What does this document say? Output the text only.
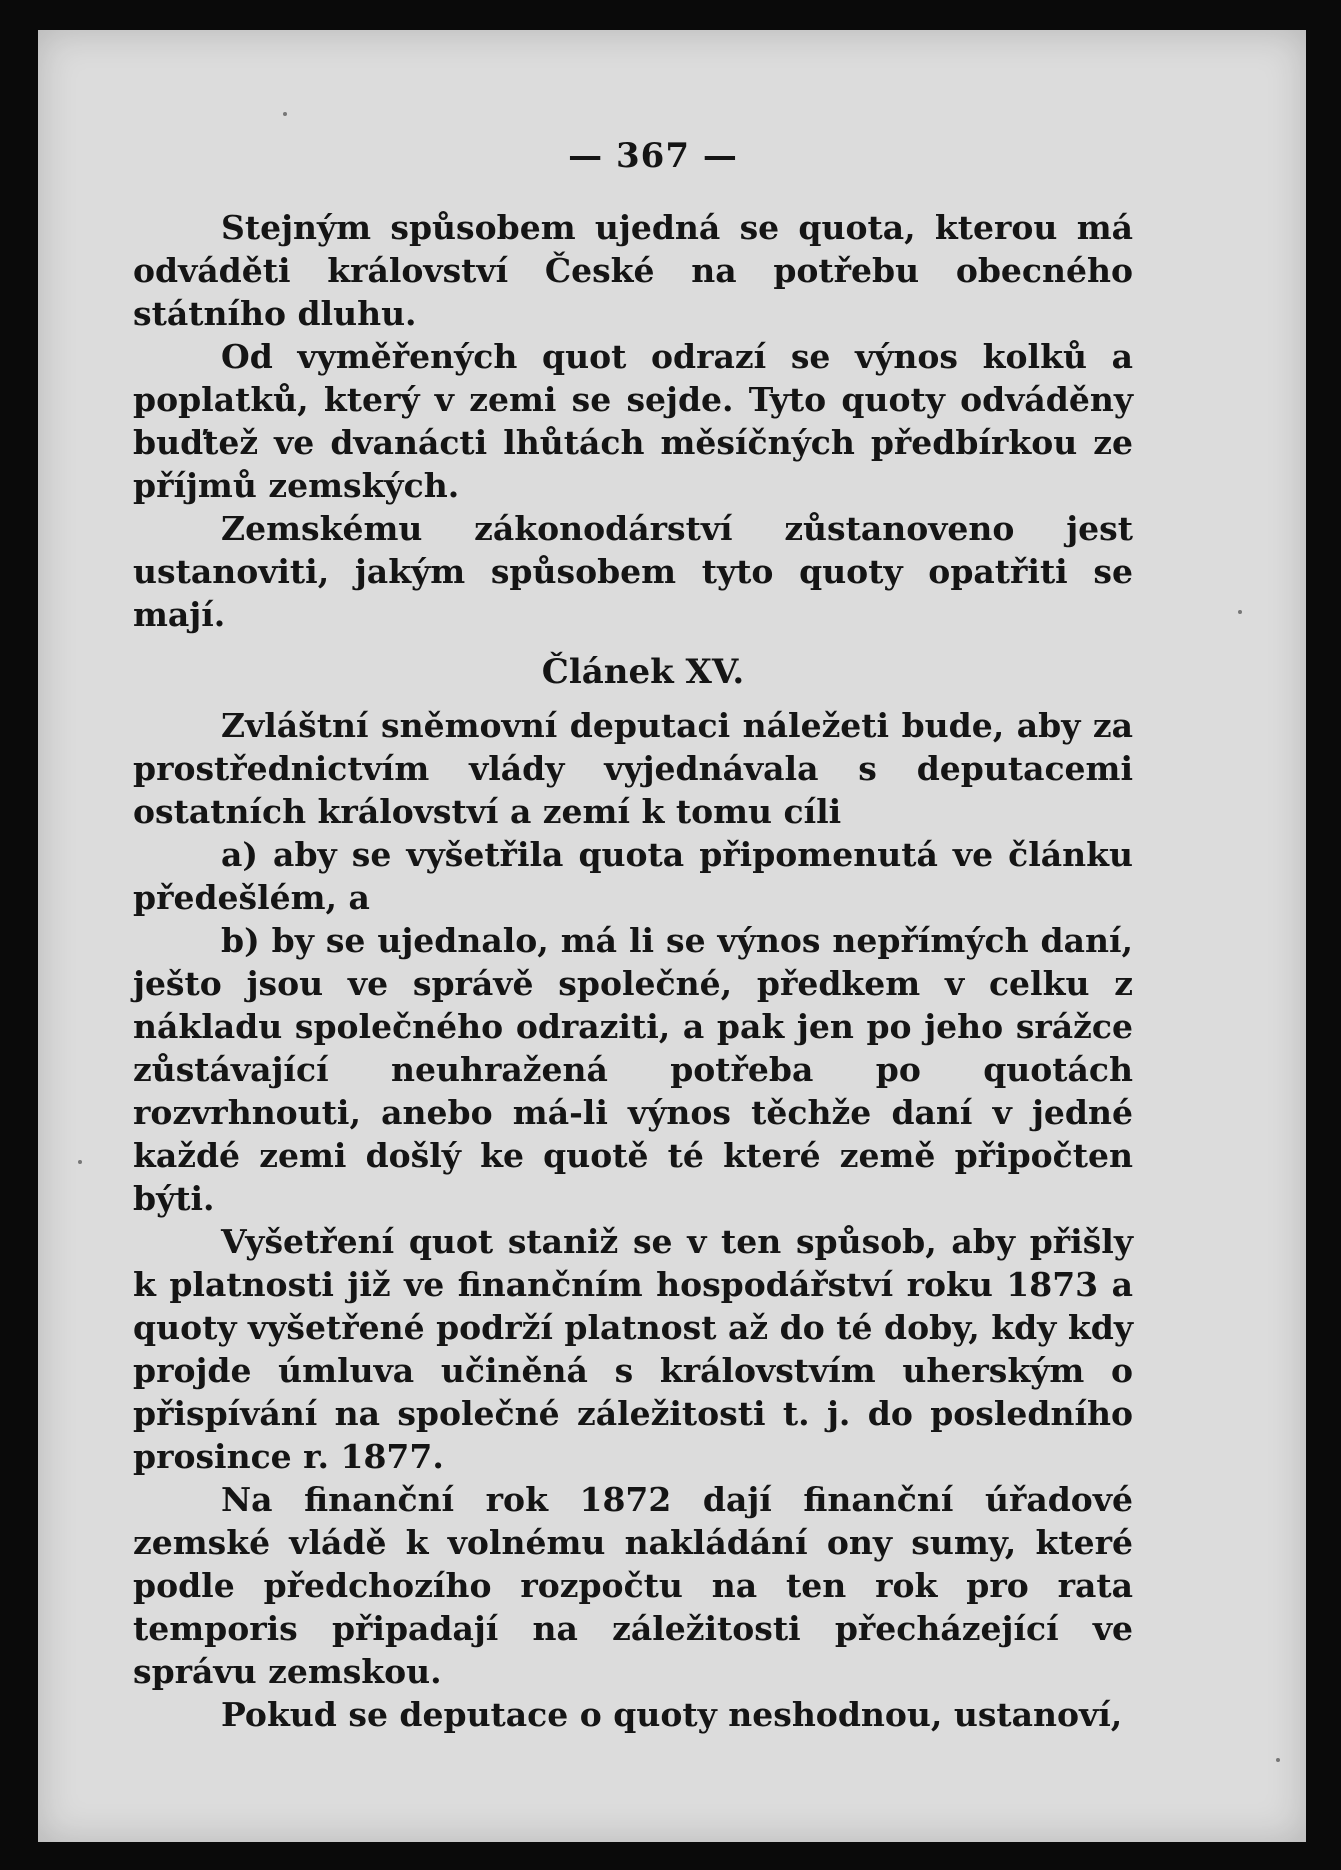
— 367 —

Stejným spůsobem ujedná se quota, kterou má odváděti království České na potřebu obecného státního dluhu.

Od vyměřených quot odrazí se výnos kolků a poplatků, který v zemi se sejde. Tyto quoty odváděny buďtež ve dvanácti lhůtách měsíčných předbírkou ze příjmů zemských.

Zemskému zákonodárství zůstanoveno jest ustanoviti, jakým spůsobem tyto quoty opatřiti se mají.

Článek XV.

Zvláštní sněmovní deputaci náležeti bude, aby za prostřednictvím vlády vyjednávala s deputacemi ostatních království a zemí k tomu cíli

a) aby se vyšetřila quota připomenutá ve článku předešlém, a

b) by se ujednalo, má li se výnos nepřímých daní, ješto jsou ve správě společné, předkem v celku z nákladu společného odraziti, a pak jen po jeho srážce zůstávající neuhražená potřeba po quotách rozvrhnouti, anebo má-li výnos těchže daní v jedné každé zemi došlý ke quotě té které země připočten býti.

Vyšetření quot staniž se v ten spůsob, aby přišly k platnosti již ve finančním hospodářství roku 1873 a quoty vyšetřené podrží platnost až do té doby, kdy kdy projde úmluva učiněná s královstvím uherským o přispívání na společné záležitosti t. j. do posledního prosince r. 1877.

Na finanční rok 1872 dají finanční úřadové zemské vládě k volnému nakládání ony sumy, které podle předchozího rozpočtu na ten rok pro rata temporis připadají na záležitosti přecházející ve správu zemskou.

Pokud se deputace o quoty neshodnou, ustanoví,
